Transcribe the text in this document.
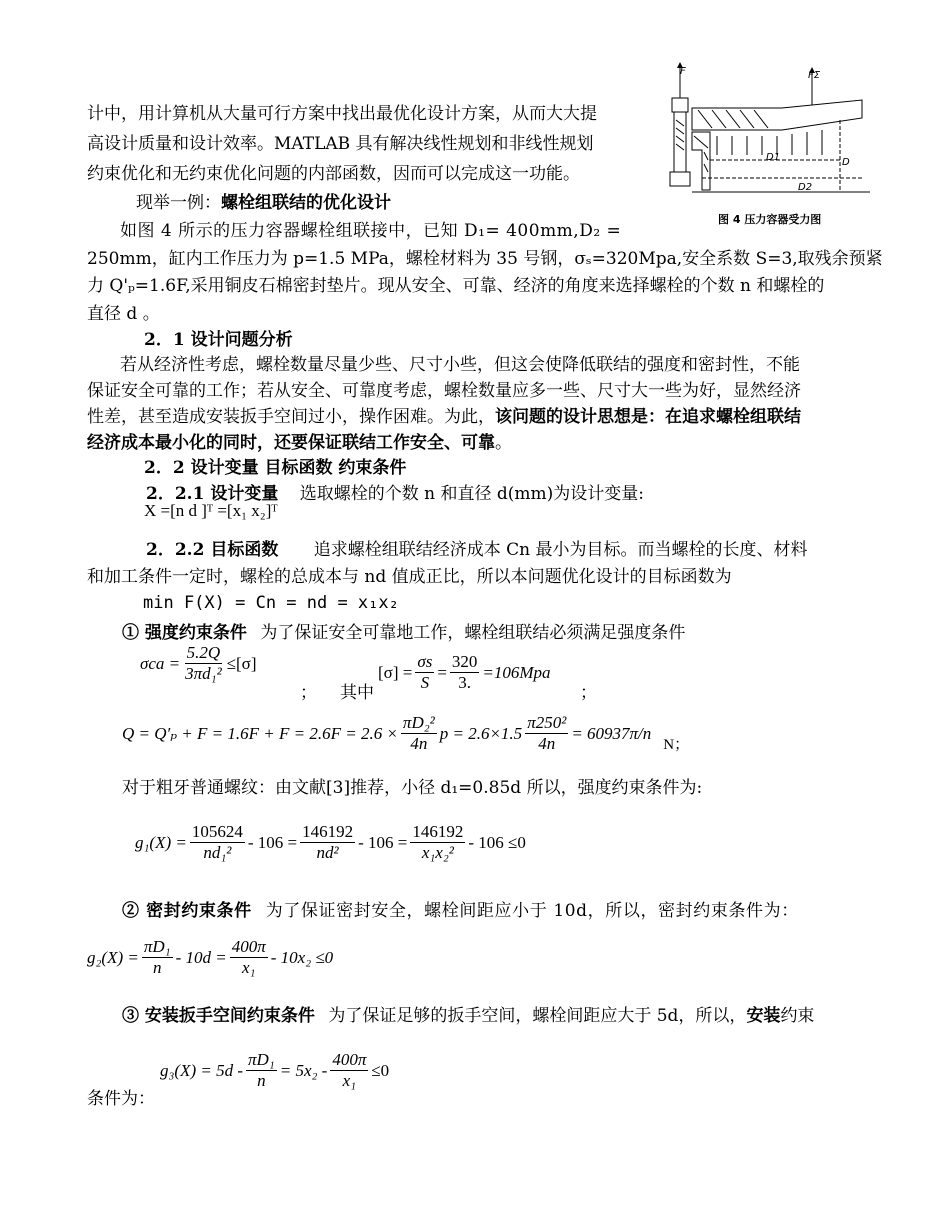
计中，用计算机从大量可行方案中找出最优化设计方案，从而大大提
高设计质量和设计效率。MATLAB 具有解决线性规划和非线性规划
约束优化和无约束优化问题的内部函数，因而可以完成这一功能。
现举一例：螺栓组联结的优化设计
F	FΣ
D1	D
D2
图 4 压力容器受力图
如图 4 所示的压力容器螺栓组联接中，已知 D₁= 400mm,D₂ =
250mm，缸内工作压力为 p=1.5 MPa，螺栓材料为 35 号钢，σₛ=320Mpa,安全系数 S=3,取残余预紧
力 Q'ₚ=1.6F,采用铜皮石棉密封垫片。现从安全、可靠、经济的角度来选择螺栓的个数 n 和螺栓的
直径 d 。
2．1 设计问题分析
若从经济性考虑，螺栓数量尽量少些、尺寸小些，但这会使降低联结的强度和密封性，不能
保证安全可靠的工作；若从安全、可靠度考虑，螺栓数量应多一些、尺寸大一些为好，显然经济
性差，甚至造成安装扳手空间过小，操作困难。为此，该问题的设计思想是：在追求螺栓组联结
经济成本最小化的同时，还要保证联结工作安全、可靠。
2．2 设计变量 目标函数 约束条件
2．2.1 设计变量 选取螺栓的个数 n 和直径 d(mm)为设计变量:
X =[n d ]ᵀ =[x₁ x₂]ᵀ
2．2.2 目标函数 追求螺栓组联结经济成本 Cn 最小为目标。而当螺栓的长度、材料
和加工条件一定时，螺栓的总成本与 nd 值成正比，所以本问题优化设计的目标函数为
min F(X) = Cn = nd = x₁x₂
① 强度约束条件 为了保证安全可靠地工作，螺栓组联结必须满足强度条件
$\sigma ca = \frac{5.2Q}{\text{3πd₁²}} \le[\sigma]$
； 其中
$[\sigma] = \frac{\sigma s}{S} = \frac{320}{3.} =106Mpa$
；
$Q = Q'_p + F = 1.6F + F = 2.6F = 2.6 \times \frac{\text{πD₂²}}{4n}$ $p = 2.6\times 1.5 \frac{\text{π250²}}{4n} = 60937\pi/n$
N；
对于粗牙普通螺纹：由文献[3]推荐，小径 d₁=0.85d 所以，强度约束条件为:
$g_1(X) = \frac{105624}{\text{nd₁²}} - 106 = \frac{146192}{\text{nd²}} - 106 = \frac{146192}{\text{x₁x₂²}} - 106 \le 0$
② 密封约束条件 为了保证密封安全，螺栓间距应小于 10d，所以，密封约束条件为：
$g_2(X) = \frac{\text{πD₁}}{n} - 10d = \frac{400\pi}{\text{x₁}} - 10x_2 \le 0$
③ 安装扳手空间约束条件 为了保证足够的扳手空间，螺栓间距应大于 5d，所以，安装约束
$g_3(X) = 5d - \frac{\text{πD₁}}{n} = 5x_2 - \frac{400\pi}{\text{x₁}} \le 0$
条件为：
